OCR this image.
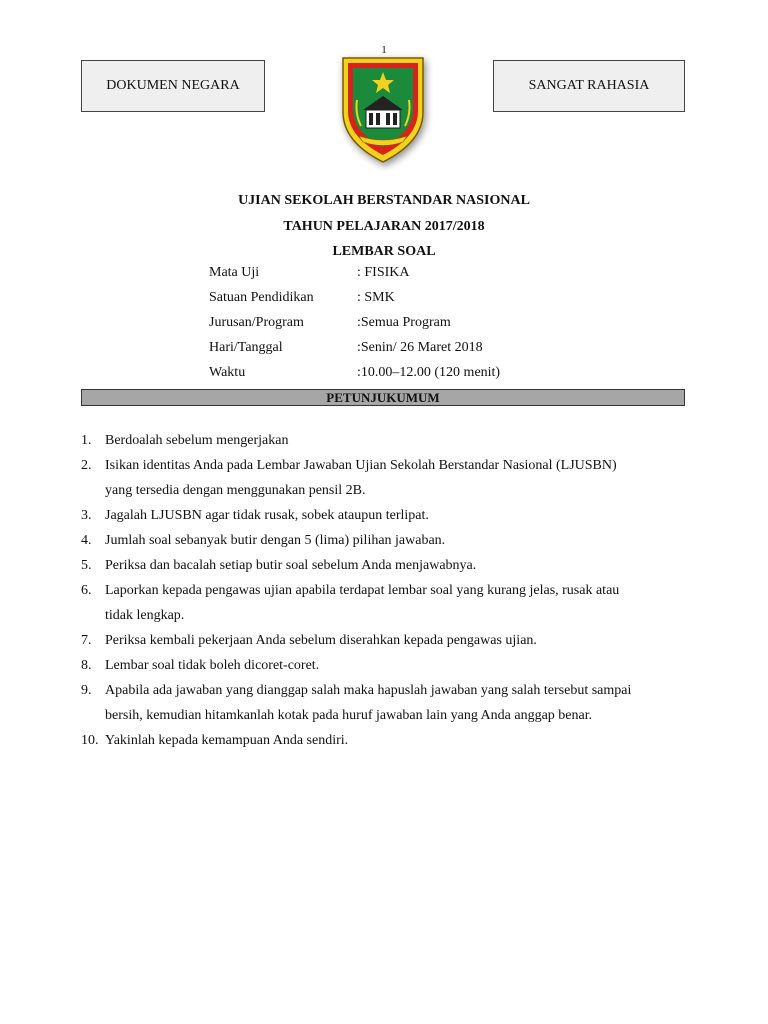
1
DOKUMEN NEGARA	SANGAT RAHASIA
UJIAN SEKOLAH BERSTANDAR NASIONAL
TAHUN PELAJARAN 2017/2018
LEMBAR SOAL
Mata Uji	: FISIKA
Satuan Pendidikan	: SMK
Jurusan/Program	:Semua Program
Hari/Tanggal	:Senin/ 26 Maret 2018
Waktu	:10.00–12.00 (120 menit)
PETUNJUKUMUM
1. Berdoalah sebelum mengerjakan
2. Isikan identitas Anda pada Lembar Jawaban Ujian Sekolah Berstandar Nasional (LJUSBN)
yang tersedia dengan menggunakan pensil 2B.
3. Jagalah LJUSBN agar tidak rusak, sobek ataupun terlipat.
4. Jumlah soal sebanyak butir dengan 5 (lima) pilihan jawaban.
5. Periksa dan bacalah setiap butir soal sebelum Anda menjawabnya.
6. Laporkan kepada pengawas ujian apabila terdapat lembar soal yang kurang jelas, rusak atau
tidak lengkap.
7. Periksa kembali pekerjaan Anda sebelum diserahkan kepada pengawas ujian.
8. Lembar soal tidak boleh dicoret-coret.
9. Apabila ada jawaban yang dianggap salah maka hapuslah jawaban yang salah tersebut sampai
bersih, kemudian hitamkanlah kotak pada huruf jawaban lain yang Anda anggap benar.
10. Yakinlah kepada kemampuan Anda sendiri.
